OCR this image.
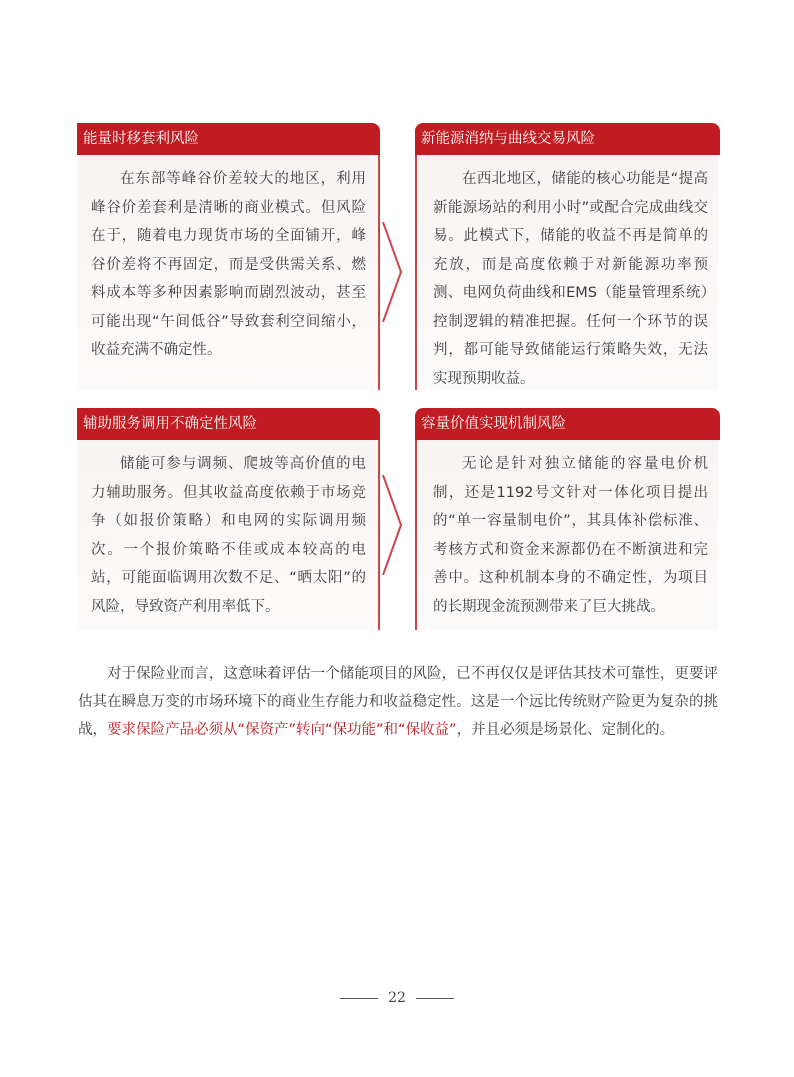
能量时移套利风险
在东部等峰谷价差较大的地区，利用峰谷价差套利是清晰的商业模式。但风险在于，随着电力现货市场的全面铺开，峰谷价差将不再固定，而是受供需关系、燃料成本等多种因素影响而剧烈波动，甚至可能出现“午间低谷”导致套利空间缩小，收益充满不确定性。
新能源消纳与曲线交易风险
在西北地区，储能的核心功能是“提高新能源场站的利用小时”或配合完成曲线交易。此模式下，储能的收益不再是简单的充放，而是高度依赖于对新能源功率预测、电网负荷曲线和EMS（能量管理系统）控制逻辑的精准把握。任何一个环节的误判，都可能导致储能运行策略失效，无法实现预期收益。
辅助服务调用不确定性风险
储能可参与调频、爬坡等高价值的电力辅助服务。但其收益高度依赖于市场竞争（如报价策略）和电网的实际调用频次。一个报价策略不佳或成本较高的电站，可能面临调用次数不足、“晒太阳”的风险，导致资产利用率低下。
容量价值实现机制风险
无论是针对独立储能的容量电价机制，还是1192号文针对一体化项目提出的“单一容量制电价”，其具体补偿标准、考核方式和资金来源都仍在不断演进和完善中。这种机制本身的不确定性，为项目的长期现金流预测带来了巨大挑战。
对于保险业而言，这意味着评估一个储能项目的风险，已不再仅仅是评估其技术可靠性，更要评估其在瞬息万变的市场环境下的商业生存能力和收益稳定性。这是一个远比传统财产险更为复杂的挑战，要求保险产品必须从“保资产”转向“保功能”和“保收益”，并且必须是场景化、定制化的。
22
